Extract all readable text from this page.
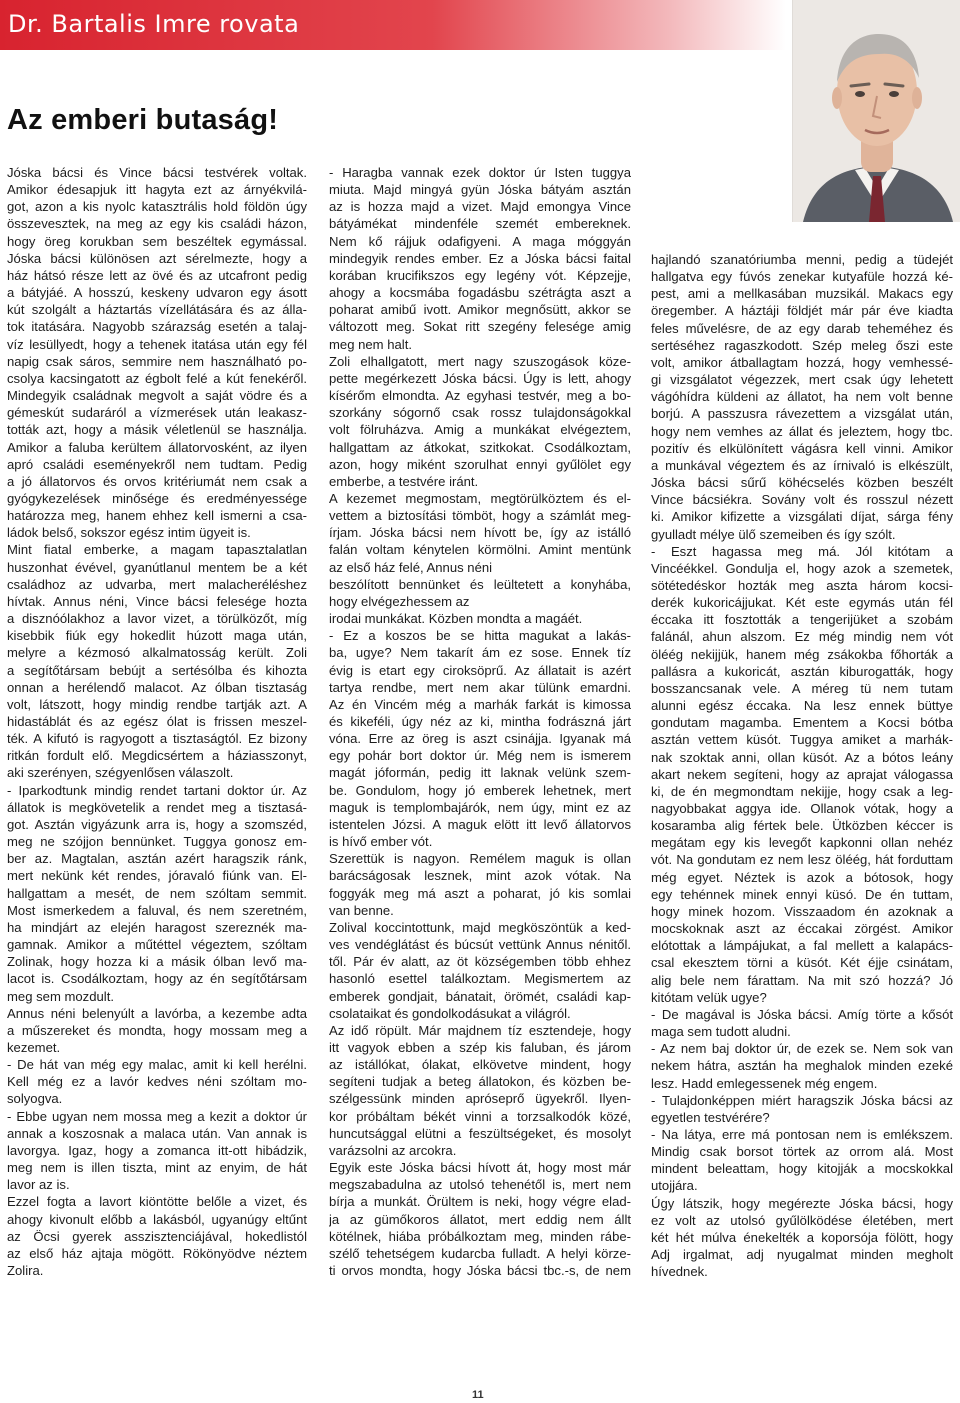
Dr. Bartalis Imre rovata
Az emberi butaság!

Jóska bácsi és Vince bácsi testvérek voltak.

Amikor édesapjuk itt hagyta ezt az árnyékvilá-

got, azon a kis nyolc katasztrális hold földön úgy

összevesztek, na meg az egy kis családi házon,

hogy öreg korukban sem beszéltek egymással.

Jóska bácsi különösen azt sérelmezte, hogy a

ház hátsó része lett az övé és az utcafront pedig

a bátyjáé. A hosszú, keskeny udvaron egy ásott

kút szolgált a háztartás vízellátására és az álla-

tok itatására. Nagyobb szárazság esetén a talaj-

víz lesüllyedt, hogy a tehenek itatása után egy fél

napig csak sáros, semmire nem használható po-

csolya kacsingatott az égbolt felé a kút fenekéről.

Mindegyik családnak megvolt a saját vödre és a

gémeskút sudaráról a vízmerések után leakasz-

tották azt, hogy a másik véletlenül se használja.

Amikor a faluba kerültem állatorvosként, az ilyen

apró családi eseményekről nem tudtam. Pedig

a jó állatorvos és orvos kritériumát nem csak a

gyógykezelések minősége és eredményessége

határozza meg, hanem ehhez kell ismerni a csa-

ládok belső, sokszor egész intim ügyeit is.

Mint fiatal emberke, a magam tapasztalatlan

huszonhat évével, gyanútlanul mentem be a két

családhoz az udvarba, mert malacheréléshez

hívtak. Annus néni, Vince bácsi felesége hozta

a disznóólakhoz a lavor vizet, a törülközőt, míg

kisebbik fiúk egy hokedlit húzott maga után,

melyre a kézmosó alkalmatosság került. Zoli

a segítőtársam bebújt a sertésólba és kihozta

onnan a herélendő malacot. Az ólban tisztaság

volt, látszott, hogy mindig rendbe tartják azt. A

hidastáblát és az egész ólat is frissen meszel-

ték. A kifutó is ragyogott a tisztaságtól. Ez bizony

ritkán fordult elő. Megdicsértem a háziasszonyt,

aki szerényen, szégyenlősen válaszolt.

- Iparkodtunk mindig rendet tartani doktor úr. Az

állatok is megkövetelik a rendet meg a tisztasá-

got. Asztán vigyázunk arra is, hogy a szomszéd,

meg ne szójjon bennünket. Tuggya gonosz em-

ber az. Magtalan, asztán azért haragszik ránk,

mert nekünk két rendes, jóravaló fiúnk van. El-

hallgattam a mesét, de nem szóltam semmit.

Most ismerkedem a faluval, és nem szeretném,

ha mindjárt az elején haragost szereznék ma-

gamnak. Amikor a műtéttel végeztem, szóltam

Zolinak, hogy hozza ki a másik ólban levő ma-

lacot is. Csodálkoztam, hogy az én segítőtársam

meg sem mozdult.

Annus néni belenyúlt a lavórba, a kezembe adta

a műszereket és mondta, hogy mossam meg a

kezemet.

- De hát van még egy malac, amit ki kell herélni.

Kell még ez a lavór kedves néni szóltam mo-

solyogva.

- Ebbe ugyan nem mossa meg a kezit a doktor úr

annak a koszosnak a malaca után. Van annak is

lavorgya. Igaz, hogy a zomanca itt-ott hibádzik,

meg nem is illen tiszta, mint az enyim, de hát

lavor az is.

Ezzel fogta a lavort kiöntötte belőle a vizet, és

ahogy kivonult előbb a lakásból, ugyanúgy eltűnt

az Öcsi gyerek asszisztenciájával, hokedlistól

az első ház ajtaja mögött. Rökönyödve néztem

Zolira.

- Haragba vannak ezek doktor úr Isten tuggya

miuta. Majd mingyá gyün Jóska bátyám asztán

az is hozza majd a vizet. Majd emongya Vince

bátyámékat mindenféle szemét embereknek.

Nem kő rájjuk odafigyeni. A maga móggyán

mindegyik rendes ember. Ez a Jóska bácsi faital

korában krucifikszos egy legény vót. Képzejje,

ahogy a kocsmába fogadásbu szétrágta aszt a

poharat amibű ivott. Amikor megnősütt, akkor se

változott meg. Sokat ritt szegény felesége amig

meg nem halt.

Zoli elhallgatott, mert nagy szuszogások köze-

pette megérkezett Jóska bácsi. Úgy is lett, ahogy

kísérőm elmondta. Az egyhasi testvér, meg a bo-

szorkány sógornő csak rossz tulajdonságokkal

volt fölruházva. Amig a munkákat elvégeztem,

hallgattam az átkokat, szitkokat. Csodálkoztam,

azon, hogy miként szorulhat ennyi gyűlölet egy

emberbe, a testvére iránt.

A kezemet megmostam, megtörülköztem és el-

vettem a biztosítási tömböt, hogy a számlát meg-

írjam. Jóska bácsi nem hívott be, így az istálló

falán voltam kénytelen körmölni. Amint mentünk

az első ház felé, Annus néni

beszólított bennünket és leültetett a konyhába,

hogy elvégezhessem az

irodai munkákat. Közben mondta a magáét.

- Ez a koszos be se hitta magukat a lakás-

ba, ugye? Nem takarít ám ez sose. Ennek tíz

évig is etart egy ciroksöprű. Az állatait is azért

tartya rendbe, mert nem akar tülünk emardni.

Az én Vincém még a marhák farkát is kimossa

és kikeféli, úgy néz az ki, mintha fodrászná járt

vóna. Erre az öreg is aszt csinájja. Igyanak má

egy pohár bort doktor úr. Még nem is ismerem

magát jóformán, pedig itt laknak velünk szem-

be. Gondulom, hogy jó emberek lehetnek, mert

maguk is templombajárók, nem úgy, mint ez az

istentelen Józsi. A maguk elött itt levő állatorvos

is hívő ember vót.

Szerettük is nagyon. Remélem maguk is ollan

barácságosak lesznek, mint azok vótak. Na

foggyák meg má aszt a poharat, jó kis somlai

van benne.

Zolival koccintottunk, majd megköszöntük a ked-

ves vendéglátást és búcsút vettünk Annus nénitől.

től. Pár év alatt, az öt községemben több ehhez

hasonló esettel találkoztam. Megismertem az

emberek gondjait, bánatait, örömét, családi kap-

csolataikat és gondolkodásukat a világról.

Az idő röpült. Már majdnem tíz esztendeje, hogy

itt vagyok ebben a szép kis faluban, és járom

az istállókat, ólakat, elkövetve mindent, hogy

segíteni tudjak a beteg állatokon, és közben be-

szélgessünk minden apróseprő ügyekről. Ilyen-

kor próbáltam békét vinni a torzsalkodók közé,

huncutsággal elütni a feszültségeket, és mosolyt

varázsolni az arcokra.

Egyik este Jóska bácsi hívott át, hogy most már

megszabadulna az utolsó tehenétől is, mert nem

bírja a munkát. Örültem is neki, hogy végre elad-

ja az gümőkoros állatot, mert eddig nem állt

kötélnek, hiába próbálkoztam meg, minden rábe-

szélő tehetségem kudarcba fulladt. A helyi körze-

ti orvos mondta, hogy Jóska bácsi tbc.-s, de nem

hajlandó szanatóriumba menni, pedig a tüdejét

hallgatva egy fúvós zenekar kutyafüle hozzá ké-

pest, ami a mellkasában muzsikál. Makacs egy

öregember. A háztáji földjét már pár éve kiadta

feles művelésre, de az egy darab teheméhez és

sertéséhez ragaszkodott. Szép meleg őszi este

volt, amikor átballagtam hozzá, hogy vemhessé-

gi vizsgálatot végezzek, mert csak úgy lehetett

vágóhídra küldeni az állatot, ha nem volt benne

borjú. A passzusra rávezettem a vizsgálat után,

hogy nem vemhes az állat és jeleztem, hogy tbc.

pozitív és elkülönített vágásra kell vinni. Amikor

a munkával végeztem és az írnivaló is elkészült,

Jóska bácsi sűrű köhécselés közben beszélt

Vince bácsiékra. Sovány volt és rosszul nézett

ki. Amikor kifizette a vizsgálati díjat, sárga fény

gyulladt mélye ülő szemeiben és így szólt.

- Eszt hagassa meg má. Jól kitótam a

Vincéékkel. Gondulja el, hogy azok a szemetek,

sötétedéskor hozták meg aszta három kocsi-

derék kukoricájjukat. Két este egymás után fél

éccaka itt fosztották a tengerijüket a szobám

falánál, ahun alszom. Ez még mindig nem vót

öléég nekijjük, hanem még zsákokba főhorták a

pallásra a kukoricát, asztán kiburogatták, hogy

bosszancsanak vele. A méreg tü nem tutam

alunni egész éccaka. Na lesz ennek büttye

gondutam magamba. Ementem a Kocsi bótba

asztán vettem küsót. Tuggya amiket a marhák-

nak szoktak anni, ollan küsót. Az a bótos leány

akart nekem segíteni, hogy az aprajat válogassa

ki, de én megmondtam nekijje, hogy csak a leg-

nagyobbakat aggya ide. Ollanok vótak, hogy a

kosaramba alig fértek bele. Ütközben kéccer is

megátam egy kis levegőt kapkonni ollan nehéz

vót. Na gondutam ez nem lesz öléég, hát forduttam

még egyet. Néztek is azok a bótosok, hogy

egy tehénnek minek ennyi küsó. De én tuttam,

hogy minek hozom. Visszaadom én azoknak a

mocskoknak aszt az éccakai zörgést. Amikor

elótottak a lámpájukat, a fal mellett a kalapács-

csal ekesztem törni a küsót. Két éjje csinátam,

alig bele nem fárattam. Na mit szó hozzá? Jó

kitótam velük ugye?

- De magával is Jóska bácsi. Amíg törte a kősót

maga sem tudott aludni.

- Az nem baj doktor úr, de ezek se. Nem sok van

nekem hátra, asztán ha meghalok minden ezeké

lesz. Hadd emlegessenek még engem.

- Tulajdonképpen miért haragszik Jóska bácsi az

egyetlen testvérére?

- Na látya, erre má pontosan nem is emlékszem.

Mindig csak borsot törtek az orrom alá. Most

mindent beleattam, hogy kitojják a mocskokkal

utojjára.

Úgy látszik, hogy megérezte Jóska bácsi, hogy

ez volt az utolsó gyűlölködése életében, mert

két hét múlva énekelték a koporsója fölött, hogy

Adj irgalmat, adj nyugalmat minden megholt

hívednek.

11
